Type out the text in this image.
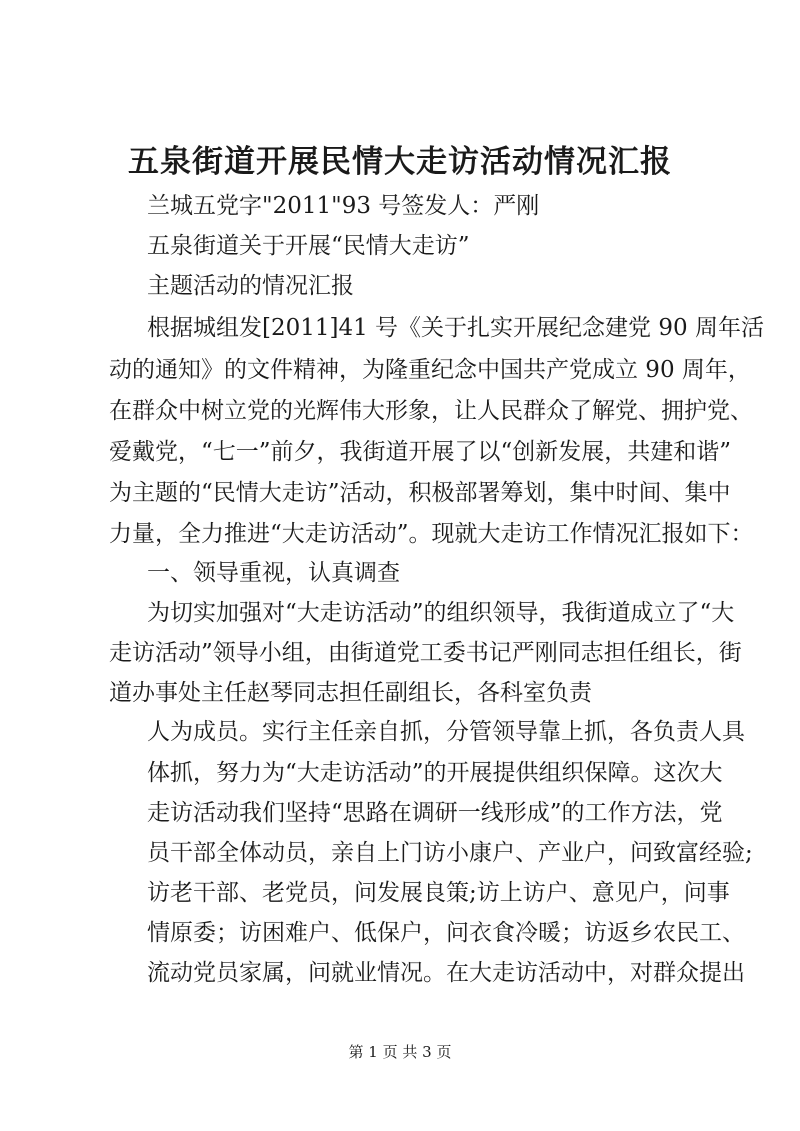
五泉街道开展民情大走访活动情况汇报
兰城五党字"2011"93 号签发人：严刚
五泉街道关于开展“民情大走访”
主题活动的情况汇报
根据城组发[2011]41 号《关于扎实开展纪念建党 90 周年活
动的通知》的文件精神，为隆重纪念中国共产党成立 90 周年，
在群众中树立党的光辉伟大形象，让人民群众了解党、拥护党、
爱戴党，“七一”前夕，我街道开展了以“创新发展，共建和谐”
为主题的“民情大走访”活动，积极部署筹划，集中时间、集中
力量，全力推进“大走访活动”。现就大走访工作情况汇报如下：
一、领导重视，认真调查
为切实加强对“大走访活动”的组织领导，我街道成立了“大
走访活动”领导小组，由街道党工委书记严刚同志担任组长，街
道办事处主任赵琴同志担任副组长，各科室负责
人为成员。实行主任亲自抓，分管领导靠上抓，各负责人具
体抓，努力为“大走访活动”的开展提供组织保障。这次大
走访活动我们坚持“思路在调研一线形成”的工作方法，党
员干部全体动员，亲自上门访小康户、产业户，问致富经验;
访老干部、老党员，问发展良策;访上访户、意见户，问事
情原委；访困难户、低保户，问衣食冷暖；访返乡农民工、
流动党员家属，问就业情况。在大走访活动中，对群众提出
第 1 页 共 3 页
